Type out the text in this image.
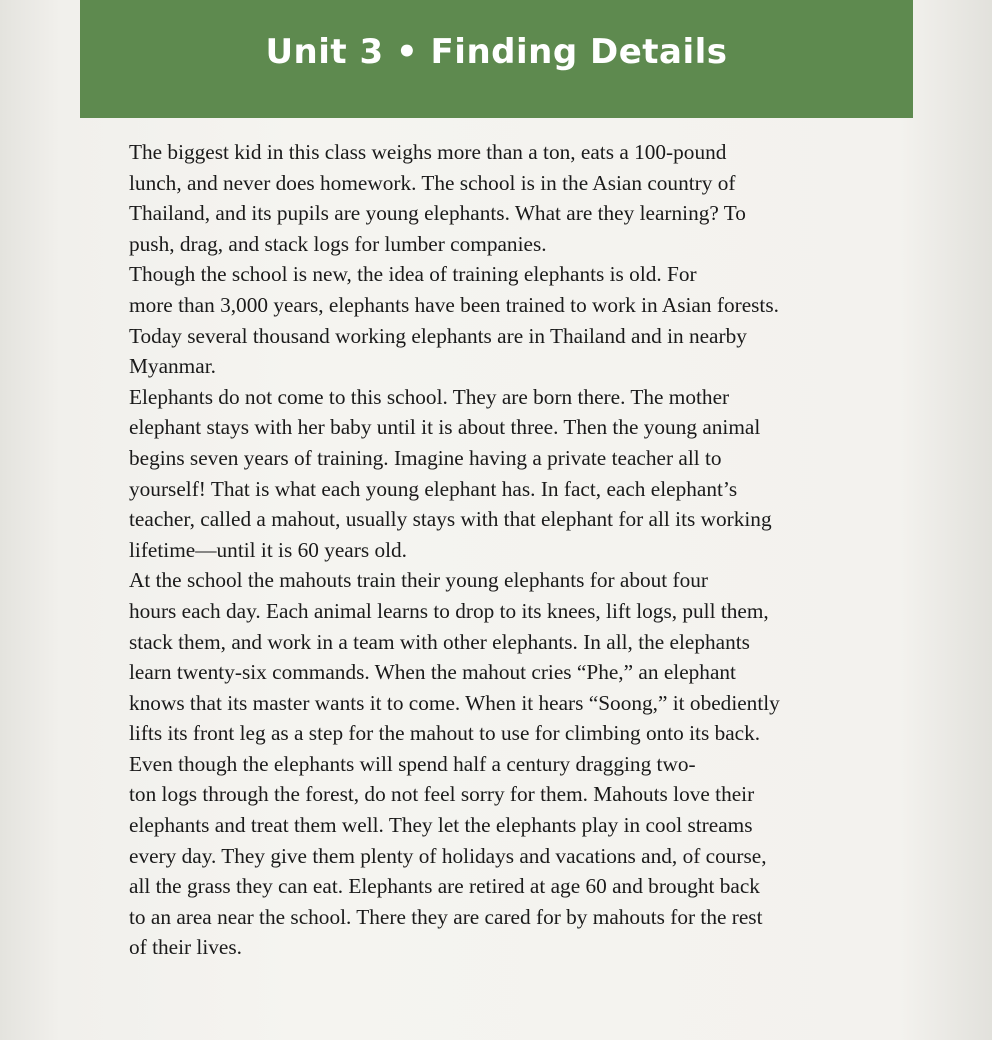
Unit 3 • Finding Details

The biggest kid in this class weighs more than a ton, eats a 100-pound
lunch, and never does homework. The school is in the Asian country of
Thailand, and its pupils are young elephants. What are they learning? To
push, drag, and stack logs for lumber companies.

Though the school is new, the idea of training elephants is old. For
more than 3,000 years, elephants have been trained to work in Asian forests.
Today several thousand working elephants are in Thailand and in nearby
Myanmar.

Elephants do not come to this school. They are born there. The mother
elephant stays with her baby until it is about three. Then the young animal
begins seven years of training. Imagine having a private teacher all to
yourself! That is what each young elephant has. In fact, each elephant’s
teacher, called a mahout, usually stays with that elephant for all its working
lifetime—until it is 60 years old.

At the school the mahouts train their young elephants for about four
hours each day. Each animal learns to drop to its knees, lift logs, pull them,
stack them, and work in a team with other elephants. In all, the elephants
learn twenty-six commands. When the mahout cries “Phe,” an elephant
knows that its master wants it to come. When it hears “Soong,” it obediently
lifts its front leg as a step for the mahout to use for climbing onto its back.

Even though the elephants will spend half a century dragging two-
ton logs through the forest, do not feel sorry for them. Mahouts love their
elephants and treat them well. They let the elephants play in cool streams
every day. They give them plenty of holidays and vacations and, of course,
all the grass they can eat. Elephants are retired at age 60 and brought back
to an area near the school. There they are cared for by mahouts for the rest
of their lives.
